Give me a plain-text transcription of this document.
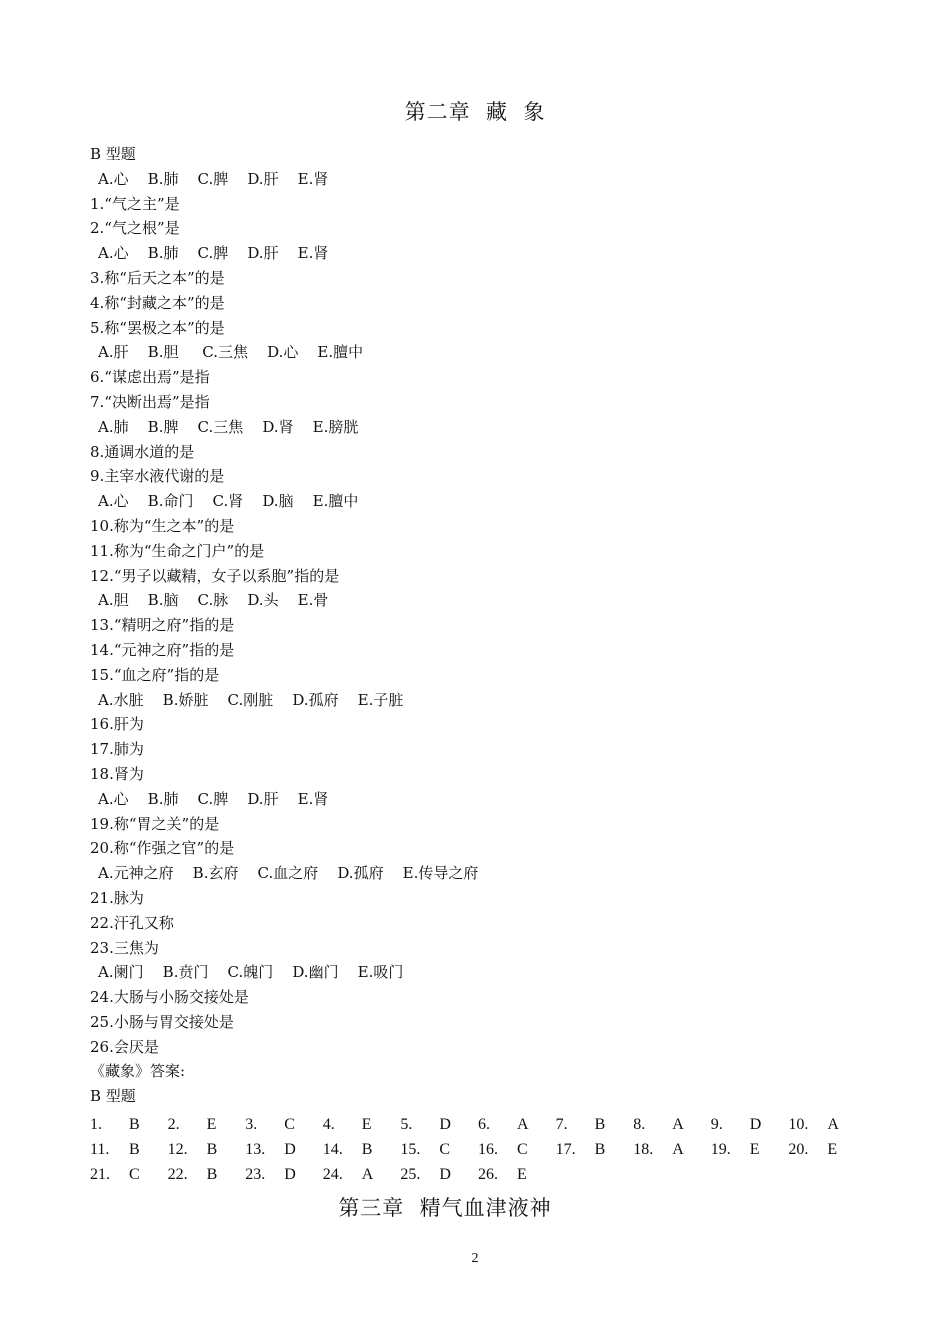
第二章  藏  象
B 型题
A.心    B.肺    C.脾    D.肝    E.肾
1.“气之主”是
2.“气之根”是
A.心    B.肺    C.脾    D.肝    E.肾
3.称“后天之本”的是
4.称“封藏之本”的是
5.称“罢极之本”的是
A.肝    B.胆     C.三焦    D.心    E.膻中
6.“谋虑出焉”是指
7.“决断出焉”是指
A.肺    B.脾    C.三焦    D.肾    E.膀胱
8.通调水道的是
9.主宰水液代谢的是
A.心    B.命门    C.肾    D.脑    E.膻中
10.称为“生之本”的是
11.称为“生命之门户”的是
12.“男子以藏精，女子以系胞”指的是
A.胆    B.脑    C.脉    D.头    E.骨
13.“精明之府”指的是
14.“元神之府”指的是
15.“血之府”指的是
A.水脏    B.娇脏    C.刚脏    D.孤府    E.子脏
16.肝为
17.肺为
18.肾为
A.心    B.肺    C.脾    D.肝    E.肾
19.称“胃之关”的是
20.称“作强之官”的是
A.元神之府    B.玄府    C.血之府    D.孤府    E.传导之府
21.脉为
22.汗孔又称
23.三焦为
A.阑门    B.贲门    C.魄门    D.幽门    E.吸门
24.大肠与小肠交接处是
25.小肠与胃交接处是
26.会厌是
《藏象》答案:
B 型题
1. B 2. E 3. C 4. E 5. D 6. A 7. B 8. A 9. D 10. A
11. B 12. B 13. D 14. B 15. C 16. C 17. B 18. A 19. E 20. E
21. C 22. B 23. D 24. A 25. D 26. E
第三章  精气血津液神
2
